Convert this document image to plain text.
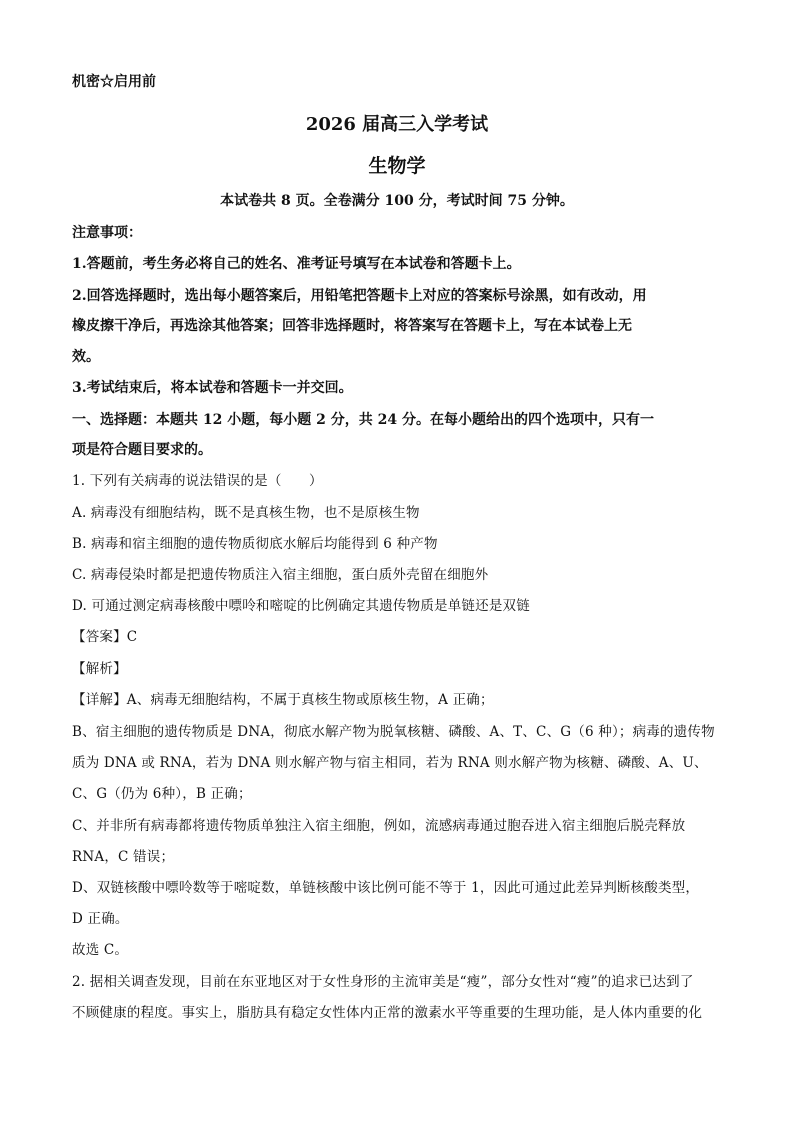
机密☆启用前
2026 届高三入学考试
生物学
本试卷共 8 页。全卷满分 100 分，考试时间 75 分钟。
注意事项：
1.答题前，考生务必将自己的姓名、准考证号填写在本试卷和答题卡上。
2.回答选择题时，选出每小题答案后，用铅笔把答题卡上对应的答案标号涂黑，如有改动，用
橡皮擦干净后，再选涂其他答案；回答非选择题时，将答案写在答题卡上，写在本试卷上无
效。
3.考试结束后，将本试卷和答题卡一并交回。
一、选择题：本题共 12 小题，每小题 2 分，共 24 分。在每小题给出的四个选项中，只有一
项是符合题目要求的。
1. 下列有关病毒的说法错误的是（　　）
A. 病毒没有细胞结构，既不是真核生物，也不是原核生物
B. 病毒和宿主细胞的遗传物质彻底水解后均能得到 6 种产物
C. 病毒侵染时都是把遗传物质注入宿主细胞，蛋白质外壳留在细胞外
D. 可通过测定病毒核酸中嘌呤和嘧啶的比例确定其遗传物质是单链还是双链
【答案】C
【解析】
【详解】A、病毒无细胞结构，不属于真核生物或原核生物，A 正确；
B、宿主细胞的遗传物质是 DNA，彻底水解产物为脱氧核糖、磷酸、A、T、C、G（6 种）；病毒的遗传物
质为 DNA 或 RNA，若为 DNA 则水解产物与宿主相同，若为 RNA 则水解产物为核糖、磷酸、A、U、
C、G（仍为 6种），B 正确；
C、并非所有病毒都将遗传物质单独注入宿主细胞，例如，流感病毒通过胞吞进入宿主细胞后脱壳释放
RNA，C 错误；
D、双链核酸中嘌呤数等于嘧啶数，单链核酸中该比例可能不等于 1，因此可通过此差异判断核酸类型，
D 正确。
故选 C。
2. 据相关调查发现，目前在东亚地区对于女性身形的主流审美是“瘦”，部分女性对“瘦”的追求已达到了
不顾健康的程度。事实上，脂肪具有稳定女性体内正常的激素水平等重要的生理功能，是人体内重要的化
